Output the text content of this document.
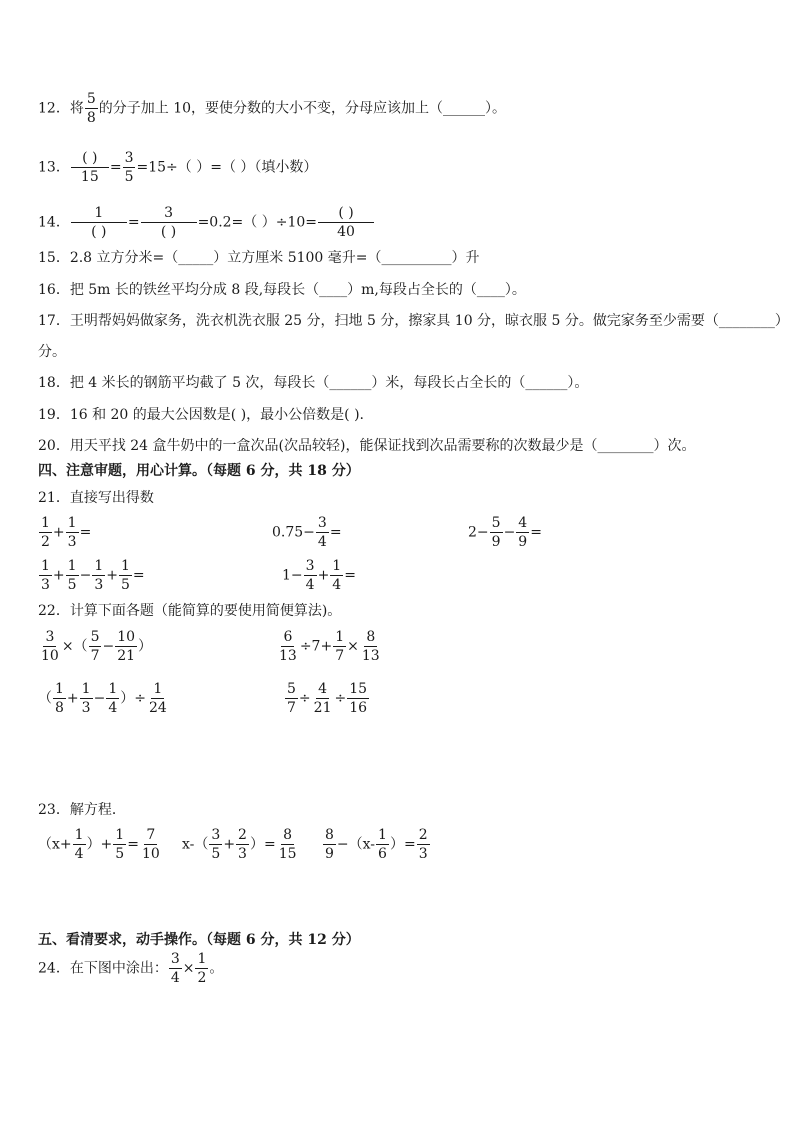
12．将 $\frac{5}{8}$ 的分子加上 10，要使分数的大小不变，分母应该加上（______）。
13．
( )
15
= $\frac{3}{5} =15\div$（ ）=（ ）（填小数）
14．
1
( )
=
3
( )
=0.2=（ ）÷10=
( )
40
15．2.8 立方分米=（_____）立方厘米 5100 毫升=（__________）升
16．把 5m 长的铁丝平均分成 8 段,每段长（____）m,每段占全长的（____）。
17．王明帮妈妈做家务，洗衣机洗衣服 25 分，扫地 5 分，擦家具 10 分，晾衣服 5 分。做完家务至少需要（________）
分。
18．把 4 米长的钢筋平均截了 5 次，每段长（______）米，每段长占全长的（______）。
19．16 和 20 的最大公因数是( )，最小公倍数是( ).
20．用天平找 24 盒牛奶中的一盒次品(次品较轻)，能保证找到次品需要称的次数最少是（________）次。
四、注意审题，用心计算。（每题 6 分，共 18 分）
21．直接写出得数
$\frac{1}{2} + \frac{1}{3}$ =	$0.75- \frac{3}{4}$ =	$2- \frac{5}{9} - \frac{4}{9}$ =
$\frac{1}{3} + \frac{1}{5} - \frac{1}{3} + \frac{1}{5}$ =	$1- \frac{3}{4} + \frac{1}{4}$ =
22．计算下面各题（能简算的要使用简便算法)。
$\frac{3}{10}$ ×（ $\frac{5}{7} - \frac{10}{21}$ ）	$\frac{6}{13} \div 7+ \frac{1}{7} \times \frac{8}{13}$
（ $\frac{1}{8} + \frac{1}{3} - \frac{1}{4}$ ）÷ $\frac{1}{24}$	$\frac{5}{7} \div \frac{4}{21} \div \frac{15}{16}$
23．解方程．
（$x+ \frac{1}{4}$ ）+ $\frac{1}{5} = \frac{7}{10} x-( \frac{3}{5} + \frac{2}{3}$ ）= $\frac{8}{15} \frac{8}{9} -(x- \frac{1}{6}$ ）= $\frac{2}{3}$
五、看清要求，动手操作。（每题 6 分，共 12 分）
24．在下图中涂出： $\frac{3}{4} \times \frac{1}{2}$ 。
